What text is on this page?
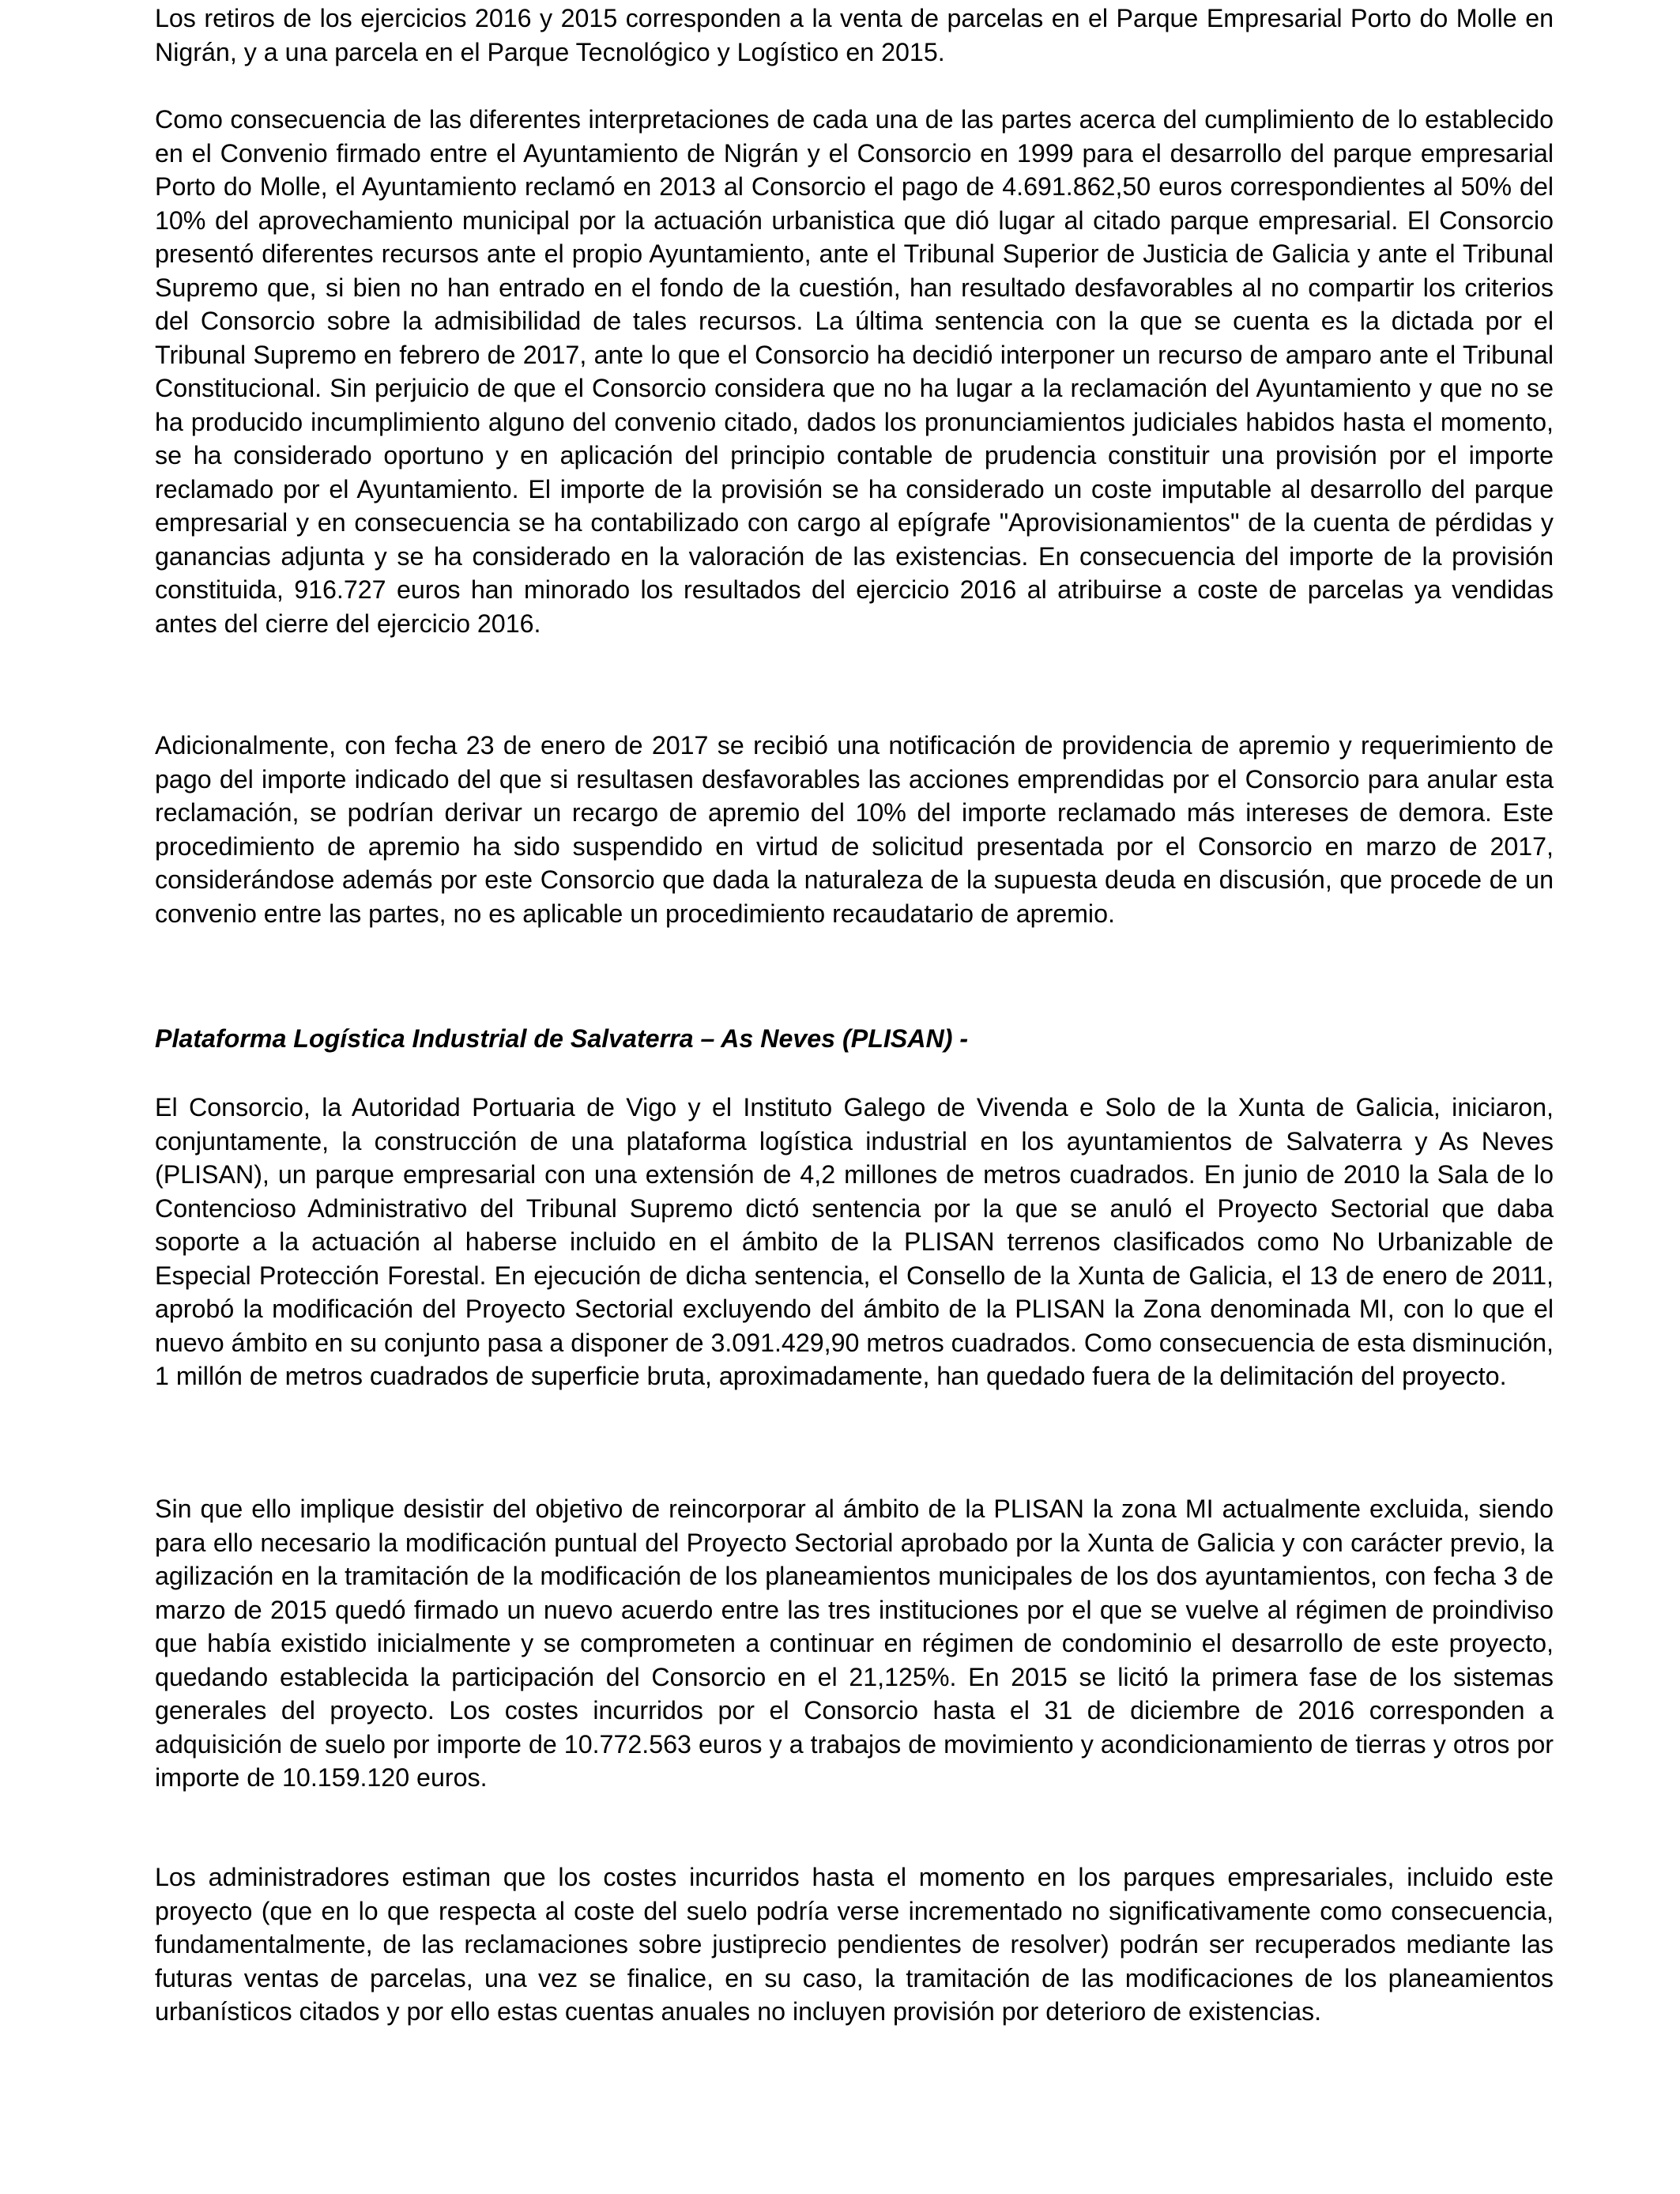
Los retiros de los ejercicios 2016 y 2015 corresponden a la venta de parcelas en el Parque Empresarial Porto do Molle en Nigrán, y a una parcela en el Parque Tecnológico y Logístico en 2015.

Como consecuencia de las diferentes interpretaciones de cada una de las partes acerca del cumplimiento de lo establecido en el Convenio firmado entre el Ayuntamiento de Nigrán y el Consorcio en 1999 para el desarrollo del parque empresarial Porto do Molle, el Ayuntamiento reclamó en 2013 al Consorcio el pago de 4.691.862,50 euros correspondientes al 50% del 10% del aprovechamiento municipal por la actuación urbanistica que dió lugar al citado parque empresarial. El Consorcio presentó diferentes recursos ante el propio Ayuntamiento, ante el Tribunal Superior de Justicia de Galicia y ante el Tribunal Supremo que, si bien no han entrado en el fondo de la cuestión, han resultado desfavorables al no compartir los criterios del Consorcio sobre la admisibilidad de tales recursos. La última sentencia con la que se cuenta es la dictada por el Tribunal Supremo en febrero de 2017, ante lo que el Consorcio ha decidió interponer un recurso de amparo ante el Tribunal Constitucional. Sin perjuicio de que el Consorcio considera que no ha lugar a la reclamación del Ayuntamiento y que no se ha producido incumplimiento alguno del convenio citado, dados los pronunciamientos judiciales habidos hasta el momento, se ha considerado oportuno y en aplicación del principio contable de prudencia constituir una provisión por el importe reclamado por el Ayuntamiento. El importe de la provisión se ha considerado un coste imputable al desarrollo del parque empresarial y en consecuencia se ha contabilizado con cargo al epígrafe "Aprovisionamientos" de la cuenta de pérdidas y ganancias adjunta y se ha considerado en la valoración de las existencias. En consecuencia del importe de la provisión constituida, 916.727 euros han minorado los resultados del ejercicio 2016 al atribuirse a coste de parcelas ya vendidas antes del cierre del ejercicio 2016.

Adicionalmente, con fecha 23 de enero de 2017 se recibió una notificación de providencia de apremio y requerimiento de pago del importe indicado del que si resultasen desfavorables las acciones emprendidas por el Consorcio para anular esta reclamación, se podrían derivar un recargo de apremio del 10% del importe reclamado más intereses de demora. Este procedimiento de apremio ha sido suspendido en virtud de solicitud presentada por el Consorcio en marzo de 2017, considerándose además por este Consorcio que dada la naturaleza de la supuesta deuda en discusión, que procede de un convenio entre las partes, no es aplicable un procedimiento recaudatario de apremio.

Plataforma Logística Industrial de Salvaterra – As Neves (PLISAN) -

El Consorcio, la Autoridad Portuaria de Vigo y el Instituto Galego de Vivenda e Solo de la Xunta de Galicia, iniciaron, conjuntamente, la construcción de una plataforma logística industrial en los ayuntamientos de Salvaterra y As Neves (PLISAN), un parque empresarial con una extensión de 4,2 millones de metros cuadrados. En junio de 2010 la Sala de lo Contencioso Administrativo del Tribunal Supremo dictó sentencia por la que se anuló el Proyecto Sectorial que daba soporte a la actuación al haberse incluido en el ámbito de la PLISAN terrenos clasificados como No Urbanizable de Especial Protección Forestal. En ejecución de dicha sentencia, el Consello de la Xunta de Galicia, el 13 de enero de 2011, aprobó la modificación del Proyecto Sectorial excluyendo del ámbito de la PLISAN la Zona denominada MI, con lo que el nuevo ámbito en su conjunto pasa a disponer de 3.091.429,90 metros cuadrados. Como consecuencia de esta disminución, 1 millón de metros cuadrados de superficie bruta, aproximadamente, han quedado fuera de la delimitación del proyecto.

Sin que ello implique desistir del objetivo de reincorporar al ámbito de la PLISAN la zona MI actualmente excluida, siendo para ello necesario la modificación puntual del Proyecto Sectorial aprobado por la Xunta de Galicia y con carácter previo, la agilización en la tramitación de la modificación de los planeamientos municipales de los dos ayuntamientos, con fecha 3 de marzo de 2015 quedó firmado un nuevo acuerdo entre las tres instituciones por el que se vuelve al régimen de proindiviso que había existido inicialmente y se comprometen a continuar en régimen de condominio el desarrollo de este proyecto, quedando establecida la participación del Consorcio en el 21,125%. En 2015 se licitó la primera fase de los sistemas generales del proyecto. Los costes incurridos por el Consorcio hasta el 31 de diciembre de 2016 corresponden a adquisición de suelo por importe de 10.772.563 euros y a trabajos de movimiento y acondicionamiento de tierras y otros por importe de 10.159.120 euros.

Los administradores estiman que los costes incurridos hasta el momento en los parques empresariales, incluido este proyecto (que en lo que respecta al coste del suelo podría verse incrementado no significativamente como consecuencia, fundamentalmente, de las reclamaciones sobre justiprecio pendientes de resolver) podrán ser recuperados mediante las futuras ventas de parcelas, una vez se finalice, en su caso, la tramitación de las modificaciones de los planeamientos urbanísticos citados y por ello estas cuentas anuales no incluyen provisión por deterioro de existencias.
